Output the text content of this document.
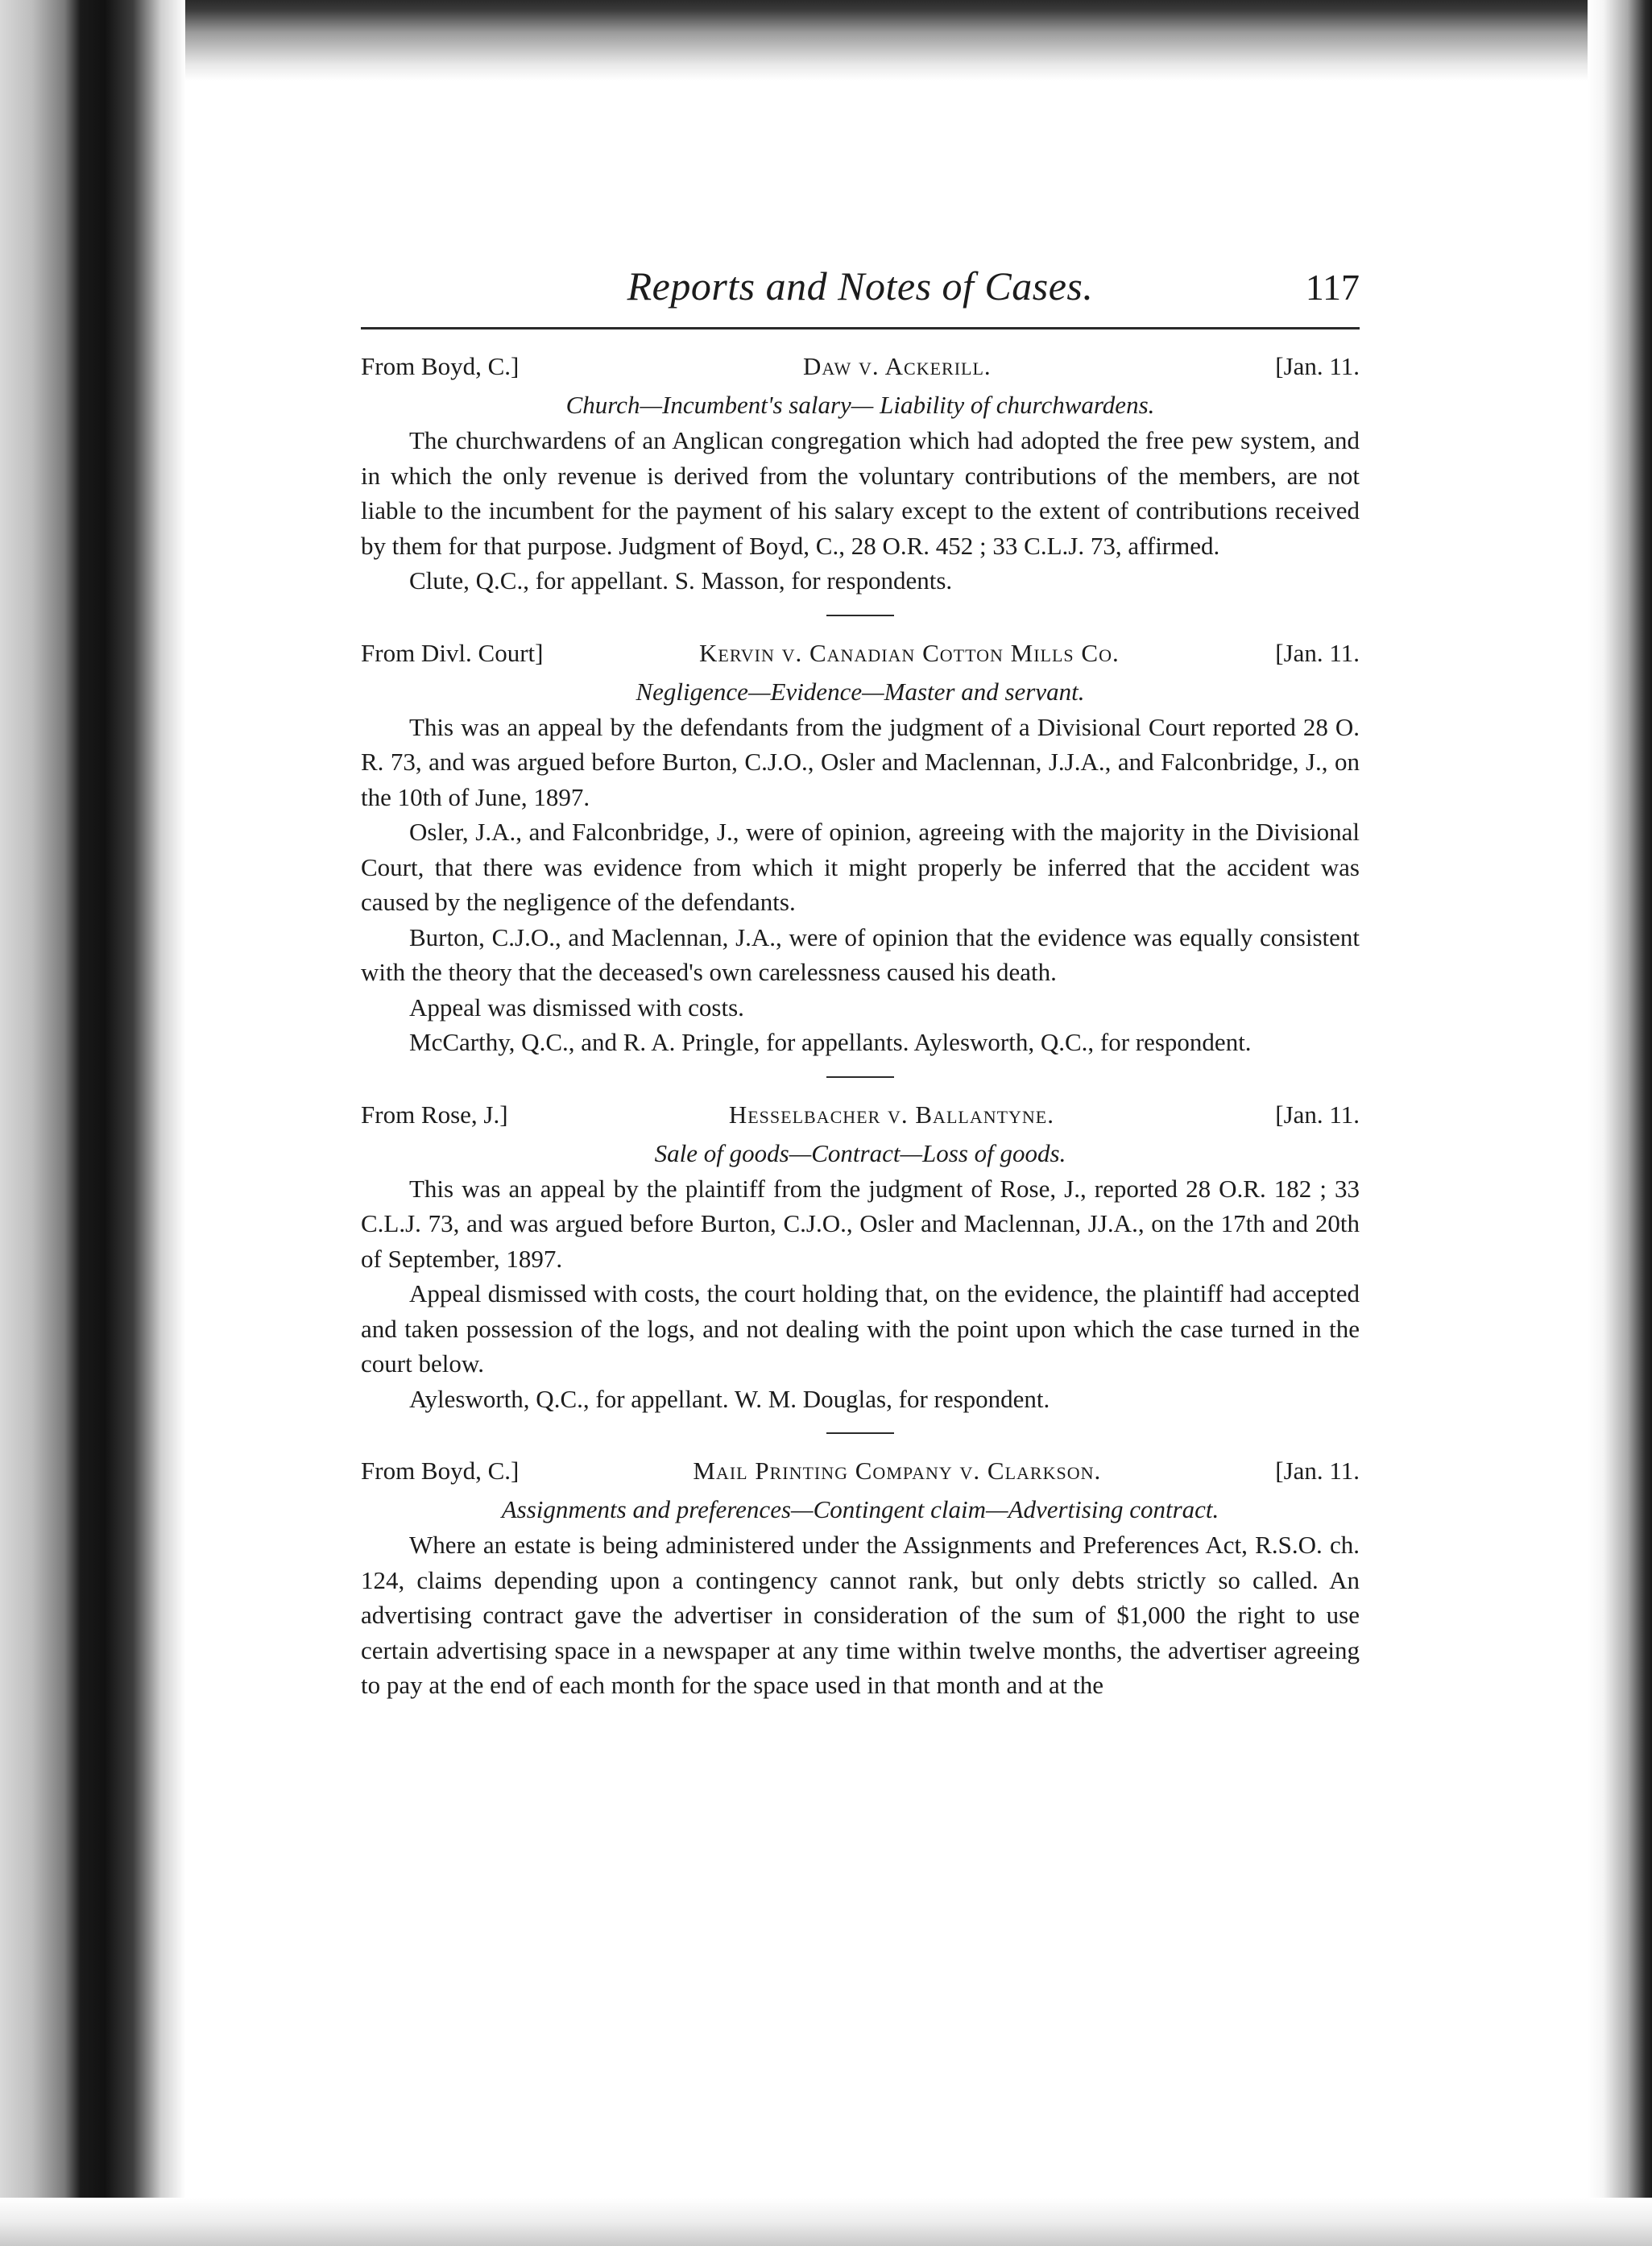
Reports and Notes of Cases.	117
From Boyd, C.]	Daw v. Ackerill.	[Jan. 11.
Church—Incumbent's salary— Liability of churchwardens.

The churchwardens of an Anglican congregation which had adopted the free pew system, and in which the only revenue is derived from the voluntary contributions of the members, are not liable to the incumbent for the payment of his salary except to the extent of contributions received by them for that purpose. Judgment of Boyd, C., 28 O.R. 452 ; 33 C.L.J. 73, affirmed.

Clute, Q.C., for appellant. S. Masson, for respondents.

From Divl. Court]	Kervin v. Canadian Cotton Mills Co.	[Jan. 11.
Negligence—Evidence—Master and servant.

This was an appeal by the defendants from the judgment of a Divisional Court reported 28 O. R. 73, and was argued before Burton, C.J.O., Osler and Maclennan, J.J.A., and Falconbridge, J., on the 10th of June, 1897.

Osler, J.A., and Falconbridge, J., were of opinion, agreeing with the majority in the Divisional Court, that there was evidence from which it might properly be inferred that the accident was caused by the negligence of the defendants.

Burton, C.J.O., and Maclennan, J.A., were of opinion that the evidence was equally consistent with the theory that the deceased's own carelessness caused his death.

Appeal was dismissed with costs.

McCarthy, Q.C., and R. A. Pringle, for appellants. Aylesworth, Q.C., for respondent.

From Rose, J.]	Hesselbacher v. Ballantyne.	[Jan. 11.
Sale of goods—Contract—Loss of goods.

This was an appeal by the plaintiff from the judgment of Rose, J., reported 28 O.R. 182 ; 33 C.L.J. 73, and was argued before Burton, C.J.O., Osler and Maclennan, JJ.A., on the 17th and 20th of September, 1897.

Appeal dismissed with costs, the court holding that, on the evidence, the plaintiff had accepted and taken possession of the logs, and not dealing with the point upon which the case turned in the court below.

Aylesworth, Q.C., for appellant. W. M. Douglas, for respondent.

From Boyd, C.]	Mail Printing Company v. Clarkson.	[Jan. 11.
Assignments and preferences—Contingent claim—Advertising contract.

Where an estate is being administered under the Assignments and Preferences Act, R.S.O. ch. 124, claims depending upon a contingency cannot rank, but only debts strictly so called. An advertising contract gave the advertiser in consideration of the sum of $1,000 the right to use certain advertising space in a newspaper at any time within twelve months, the advertiser agreeing to pay at the end of each month for the space used in that month and at the
